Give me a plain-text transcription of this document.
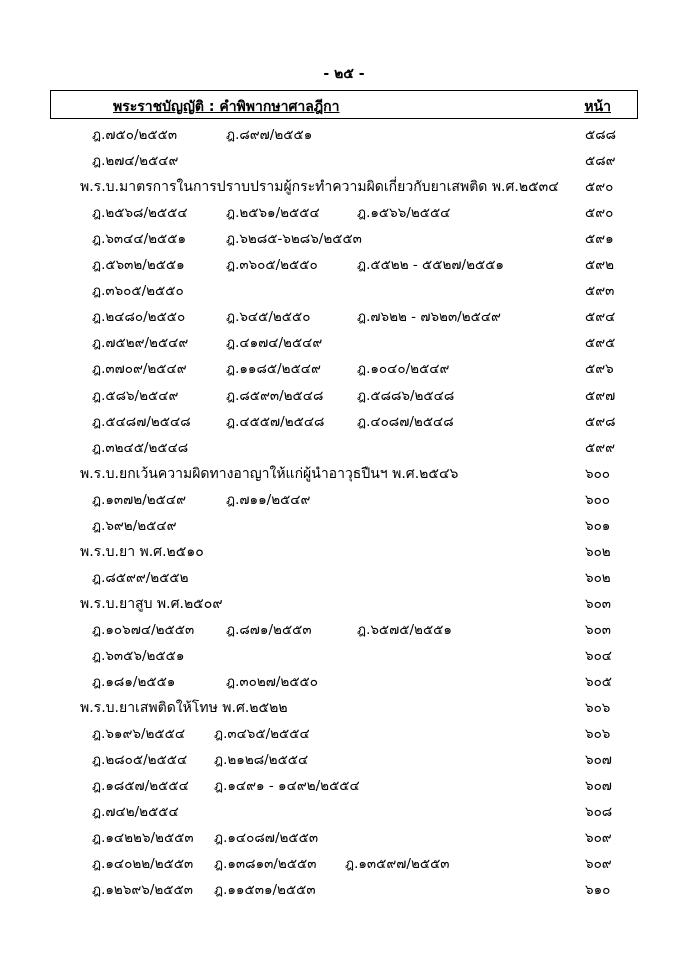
- ๒๕ -
พระราชบัญญัติ : คำพิพากษาศาลฎีกา	หน้า
ฎ.๗๕๐/๒๕๕๓	ฎ.๘๙๗/๒๕๕๑	๕๘๘
ฎ.๒๗๔/๒๕๔๙	๕๘๙
พ.ร.บ.มาตรการในการปราบปรามผู้กระทำความผิดเกี่ยวกับยาเสพติด พ.ศ.๒๕๓๔ ๕๙๐
ฎ.๒๕๖๘/๒๕๕๔	ฎ.๒๕๖๑/๒๕๕๔	ฎ.๑๕๖๖/๒๕๕๔	๕๙๐
ฎ.๖๓๔๔/๒๕๕๑	ฎ.๖๒๘๕-๖๒๘๖/๒๕๕๓	๕๙๑
ฎ.๕๖๓๒/๒๕๕๑	ฎ.๓๖๐๕/๒๕๕๐	ฎ.๕๕๒๒ - ๕๕๒๗/๒๕๕๑	๕๙๒
ฎ.๓๖๐๕/๒๕๕๐	๕๙๓
ฎ.๒๔๘๐/๒๕๕๐	ฎ.๖๔๕/๒๕๕๐	ฎ.๗๖๒๒ - ๗๖๒๓/๒๕๔๙	๕๙๔
ฎ.๗๕๒๙/๒๕๔๙	ฎ.๔๑๗๔/๒๕๔๙	๕๙๕
ฎ.๓๗๐๙/๒๕๔๙	ฎ.๑๑๘๕/๒๕๔๙	ฎ.๑๐๔๐/๒๕๔๙	๕๙๖
ฎ.๕๘๖/๒๕๔๙	ฎ.๘๕๙๓/๒๕๔๘ ฎ.๕๘๘๖/๒๕๔๘	๕๙๗
ฎ.๕๔๘๗/๒๕๔๘	ฎ.๔๕๕๗/๒๕๔๘ ฎ.๔๐๘๗/๒๕๔๘	๕๙๘
ฎ.๓๒๔๕/๒๕๔๘	๕๙๙
พ.ร.บ.ยกเว้นความผิดทางอาญาให้แก่ผู้นำอาวุธปืนฯ พ.ศ.๒๕๔๖	๖๐๐
ฎ.๑๓๗๒/๒๕๔๙	ฎ.๗๑๑/๒๕๔๙	๖๐๐
ฎ.๖๙๒/๒๕๔๙	๖๐๑
พ.ร.บ.ยา พ.ศ.๒๕๑๐	๖๐๒
ฎ.๘๕๙๙/๒๕๕๒	๖๐๒
พ.ร.บ.ยาสูบ พ.ศ.๒๕๐๙	๖๐๓
ฎ.๑๐๖๗๔/๒๕๕๓ ฎ.๘๗๑/๒๕๕๓	ฎ.๖๕๗๕/๒๕๕๑	๖๐๓
ฎ.๖๓๕๖/๒๕๕๑	๖๐๔
ฎ.๑๘๑/๒๕๕๑	ฎ.๓๐๒๗/๒๕๕๐	๖๐๕
พ.ร.บ.ยาเสพติดให้โทษ พ.ศ.๒๕๒๒	๖๐๖
ฎ.๖๑๙๖/๒๕๕๔ ฎ.๓๔๖๕/๒๕๕๔	๖๐๖
ฎ.๒๘๐๕/๒๕๕๔ ฎ.๒๑๒๘/๒๕๕๔	๖๐๗
ฎ.๑๘๕๗/๒๕๕๔ ฎ.๑๔๙๑ - ๑๔๙๒/๒๕๕๔	๖๐๗
ฎ.๗๔๒/๒๕๕๔	๖๐๘
ฎ.๑๔๒๒๖/๒๕๕๓ ฎ.๑๔๐๘๗/๒๕๕๓	๖๐๙
ฎ.๑๔๐๒๒/๒๕๕๓ ฎ.๑๓๘๑๓/๒๕๕๓ ฎ.๑๓๕๙๗/๒๕๕๓	๖๐๙
ฎ.๑๒๖๙๖/๒๕๕๓ ฎ.๑๑๕๓๑/๒๕๕๓	๖๑๐
